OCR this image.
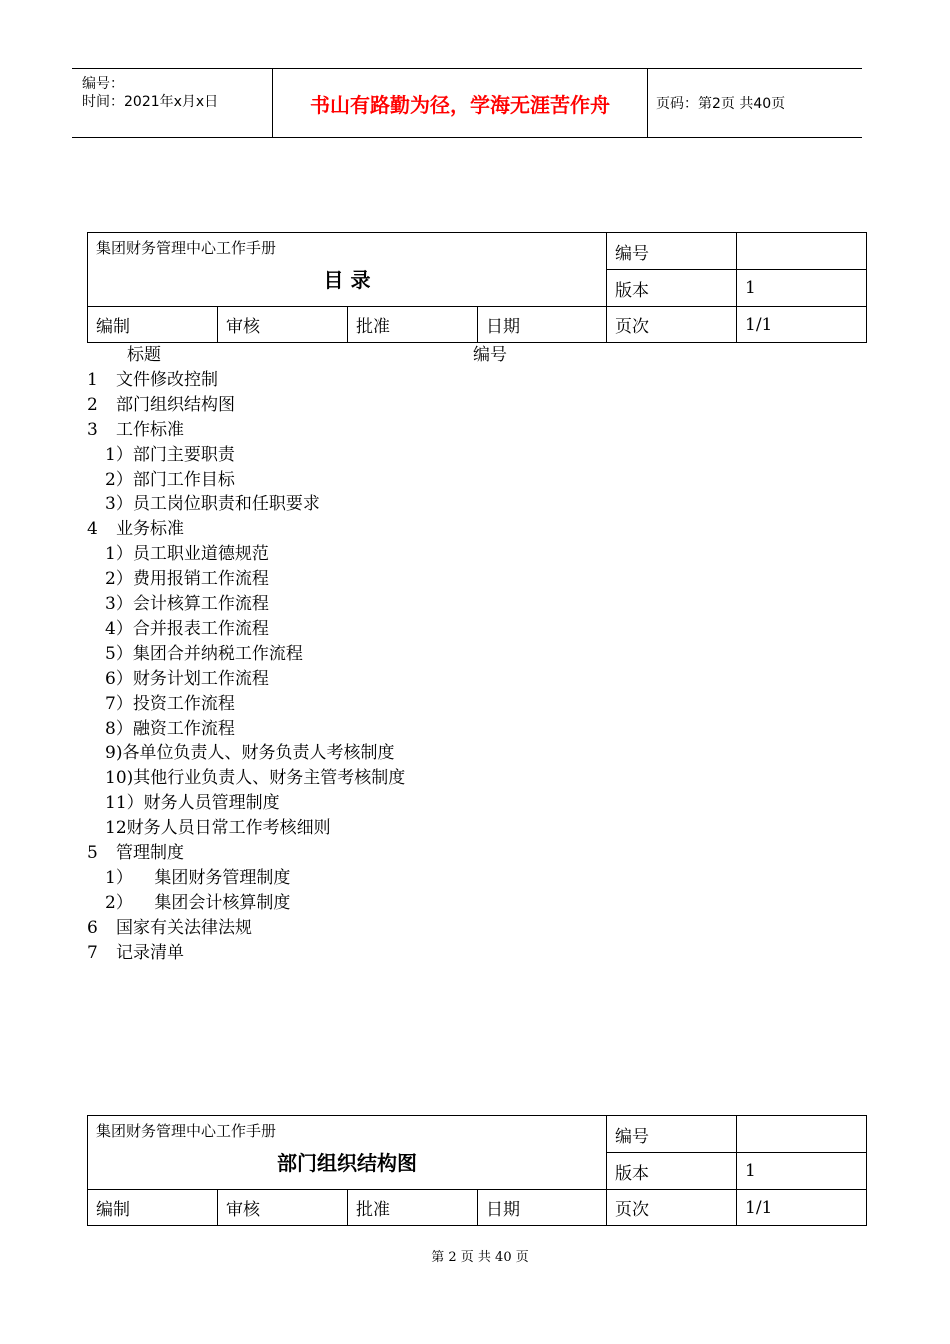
编号：
时间：2021年x月x日	书山有路勤为径，学海无涯苦作舟	页码：第2页 共40页
集团财务管理中心工作手册
目 录				编号	
				版本	1
编制	审核	批准	日期	页次	1/1
标题	编号
1 文件修改控制
2 部门组织结构图
3 工作标准
1）部门主要职责
2）部门工作目标
3）员工岗位职责和任职要求
4 业务标准
1）员工职业道德规范
2）费用报销工作流程
3）会计核算工作流程
4）合并报表工作流程
5）集团合并纳税工作流程
6）财务计划工作流程
7）投资工作流程
8）融资工作流程
9)各单位负责人、财务负责人考核制度
10)其他行业负责人、财务主管考核制度
11）财务人员管理制度
12财务人员日常工作考核细则
5 管理制度
1）    集团财务管理制度
2）    集团会计核算制度
6 国家有关法律法规
7 记录清单
集团财务管理中心工作手册
部门组织结构图				编号	
				版本	1
编制	审核	批准	日期	页次	1/1
第 2 页 共 40 页
